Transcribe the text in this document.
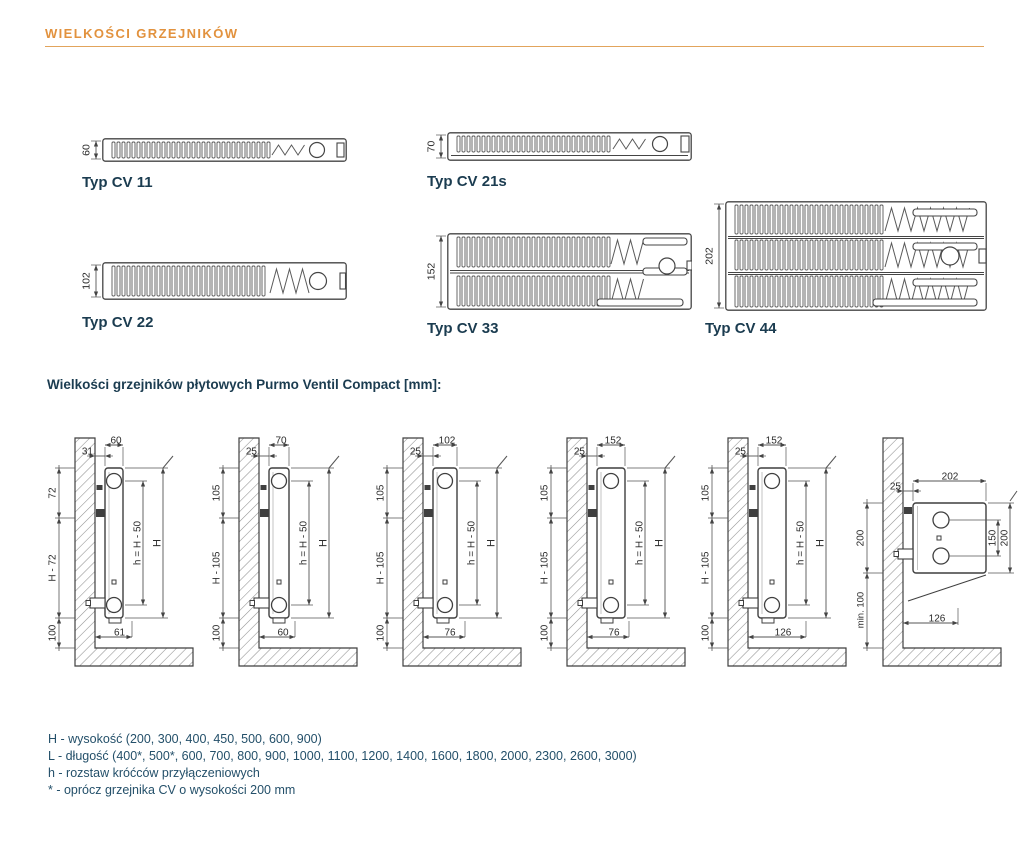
WIELKOŚCI GRZEJNIKÓW
60
Typ CV 11
70
Typ CV 21s
102
Typ CV 22
152
Typ CV 33
202
Typ CV 44
Wielkości grzejników płytowych Purmo Ventil Compact [mm]:
72
H - 72
100
60
31
h = H - 50 H
61
105
H - 105
100
70
25
h = H - 50 H
60
105
H - 105
100
102
25
h = H - 50 H
76
105
H - 105
100
152
25
h = H - 50 H
76
105
H - 105
100
152
25
h = H - 50 H
126
202
25
150 200
200
min. 100	126
H - wysokość (200, 300, 400, 450, 500, 600, 900)
L - długość (400*, 500*, 600, 700, 800, 900, 1000, 1100, 1200, 1400, 1600, 1800, 2000, 2300, 2600, 3000)
h - rozstaw króćców przyłączeniowych
* - oprócz grzejnika CV o wysokości 200 mm
